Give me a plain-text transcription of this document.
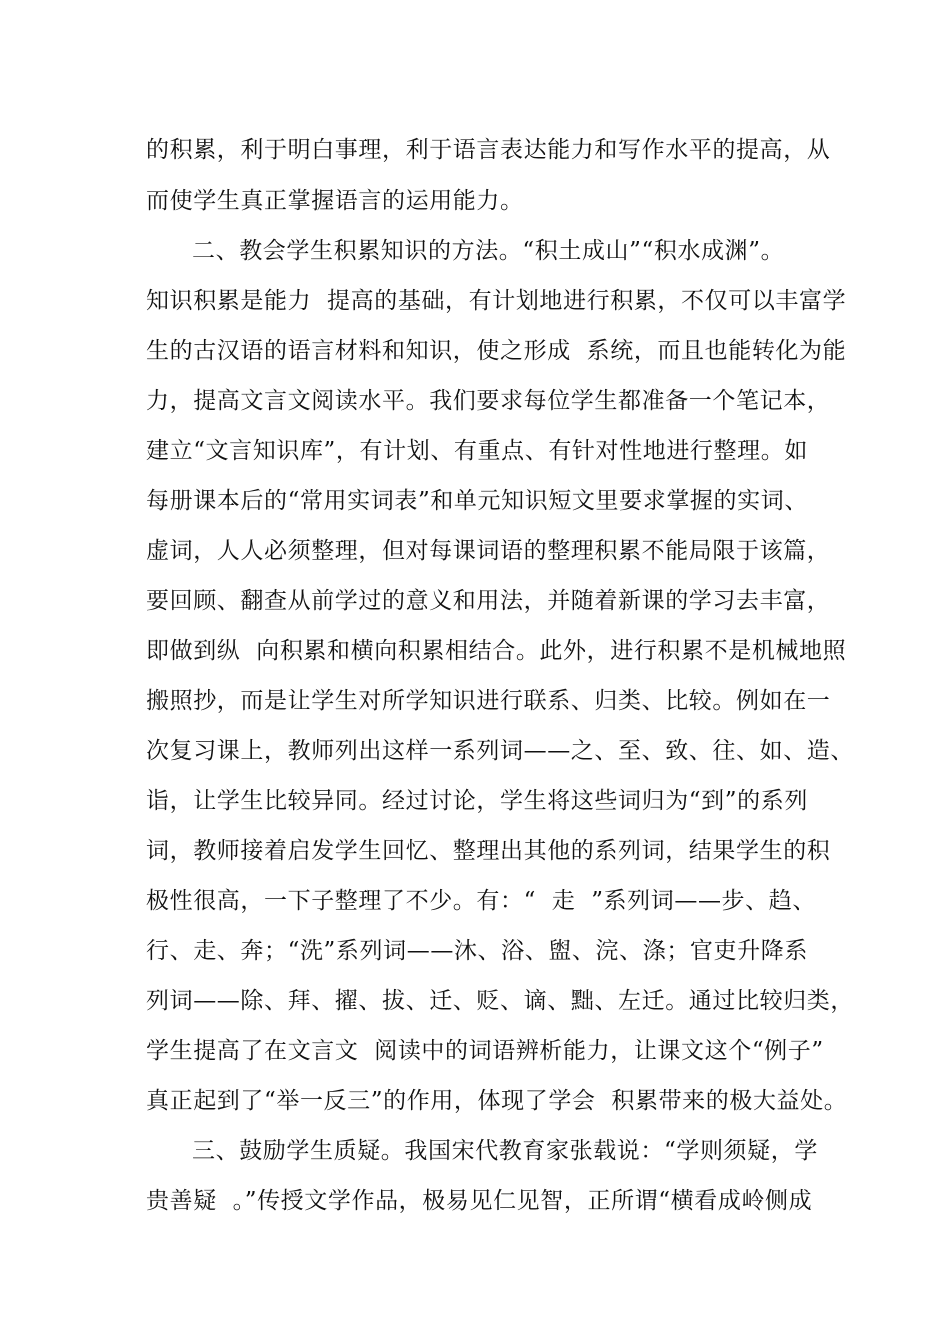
的积累，利于明白事理，利于语言表达能力和写作水平的提高，从
而使学生真正掌握语言的运用能力。
二、教会学生积累知识的方法。“积土成山”“积水成渊”。
知识积累是能力  提高的基础，有计划地进行积累，不仅可以丰富学
生的古汉语的语言材料和知识，使之形成  系统，而且也能转化为能
力，提高文言文阅读水平。我们要求每位学生都准备一个笔记本，
建立“文言知识库”，有计划、有重点、有针对性地进行整理。如
每册课本后的“常用实词表”和单元知识短文里要求掌握的实词、
虚词，人人必须整理，但对每课词语的整理积累不能局限于该篇，
要回顾、翻查从前学过的意义和用法，并随着新课的学习去丰富，
即做到纵  向积累和横向积累相结合。此外，进行积累不是机械地照
搬照抄，而是让学生对所学知识进行联系、归类、比较。例如在一
次复习课上，教师列出这样一系列词——之、至、致、往、如、造、
诣，让学生比较异同。经过讨论，学生将这些词归为“到”的系列
词，教师接着启发学生回忆、整理出其他的系列词，结果学生的积
极性很高，一下子整理了不少。有：“  走  ”系列词——步、趋、
行、走、奔；“洗”系列词——沐、浴、盥、浣、涤；官吏升降系
列词——除、拜、擢、拔、迁、贬、谪、黜、左迁。通过比较归类，
学生提高了在文言文  阅读中的词语辨析能力，让课文这个“例子”
真正起到了“举一反三”的作用，体现了学会  积累带来的极大益处。
三、鼓励学生质疑。我国宋代教育家张载说：“学则须疑，学
贵善疑  。”传授文学作品，极易见仁见智，正所谓“横看成岭侧成
